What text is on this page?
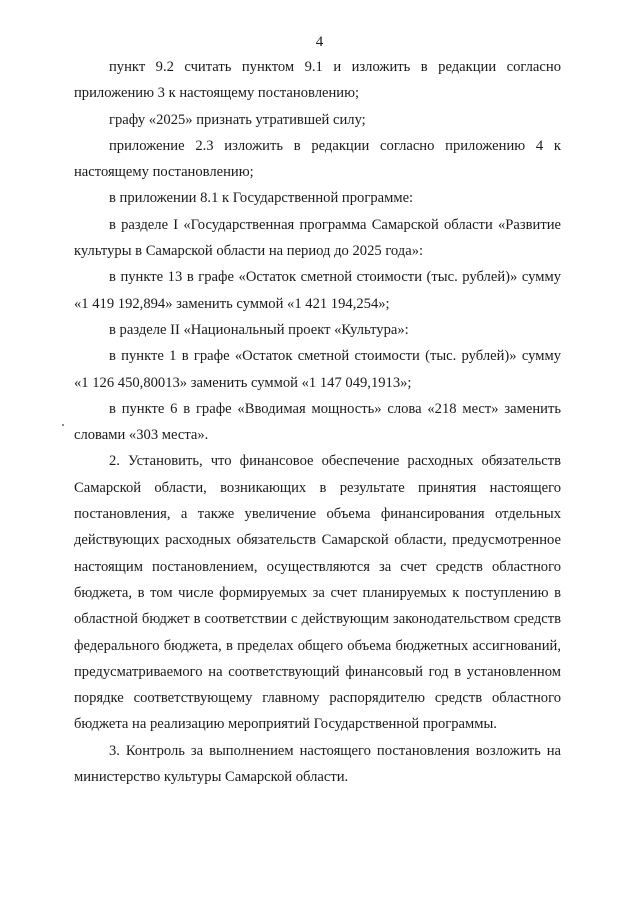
4

пункт 9.2 считать пунктом 9.1 и изложить в редакции согласно приложению 3 к настоящему постановлению;

графу «2025» признать утратившей силу;

приложение 2.3 изложить в редакции согласно приложению 4 к настоящему постановлению;

в приложении 8.1 к Государственной программе:

в разделе I «Государственная программа Самарской области «Развитие культуры в Самарской области на период до 2025 года»:

в пункте 13 в графе «Остаток сметной стоимости (тыс. рублей)» сумму «1 419 192,894» заменить суммой «1 421 194,254»;

в разделе II «Национальный проект «Культура»:

в пункте 1 в графе «Остаток сметной стоимости (тыс. рублей)» сумму «1 126 450,80013» заменить суммой «1 147 049,1913»;

в пункте 6 в графе «Вводимая мощность» слова «218 мест» заменить словами «303 места».

2. Установить, что финансовое обеспечение расходных обязательств Самарской области, возникающих в результате принятия настоящего постановления, а также увеличение объема финансирования отдельных действующих расходных обязательств Самарской области, предусмотренное настоящим постановлением, осуществляются за счет средств областного бюджета, в том числе формируемых за счет планируемых к поступлению в областной бюджет в соответствии с действующим законодательством средств федерального бюджета, в пределах общего объема бюджетных ассигнований, предусматриваемого на соответствующий финансовый год в установленном порядке соответствующему главному распорядителю средств областного бюджета на реализацию мероприятий Государственной программы.

3. Контроль за выполнением настоящего постановления возложить на министерство культуры Самарской области.
